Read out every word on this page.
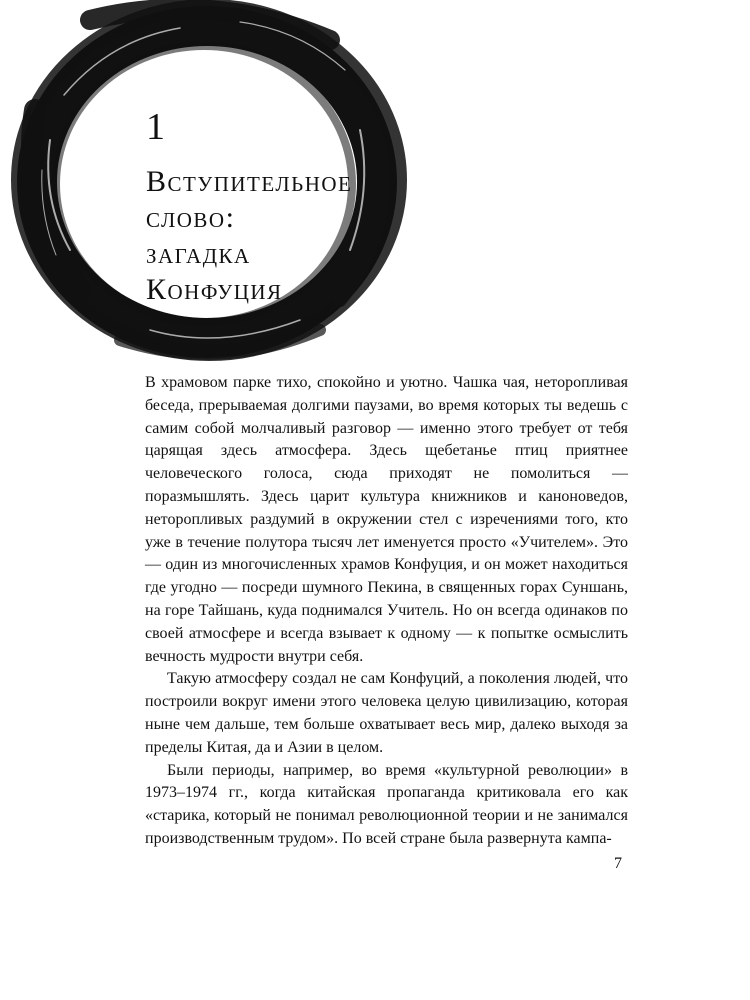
1
Вступительное
слово:
загадка
Конфуция

В храмовом парке тихо, спокойно и уютно. Чашка чая, неторопливая беседа, прерываемая долгими паузами, во время которых ты ведешь с самим собой молчаливый разговор — именно этого требует от тебя царящая здесь атмосфера. Здесь щебетанье птиц приятнее человеческого голоса, сюда приходят не помолиться — поразмышлять. Здесь царит культура книжников и каноноведов, неторопливых раздумий в окружении стел с изречениями того, кто уже в течение полутора тысяч лет именуется просто «Учителем». Это — один из многочисленных храмов Конфуция, и он может находиться где угодно — посреди шумного Пекина, в священных горах Суншань, на горе Тайшань, куда поднимался Учитель. Но он всегда одинаков по своей атмосфере и всегда взывает к одному — к попытке осмыслить вечность мудрости внутри себя.

Такую атмосферу создал не сам Конфуций, а поколения людей, что построили вокруг имени этого человека целую цивилизацию, которая ныне чем дальше, тем больше охватывает весь мир, далеко выходя за пределы Китая, да и Азии в целом.

Были периоды, например, во время «культурной революции» в 1973–1974 гг., когда китайская пропаганда критиковала его как «старика, который не понимал революционной теории и не занимался производственным трудом». По всей стране была развернута кампа-

7
